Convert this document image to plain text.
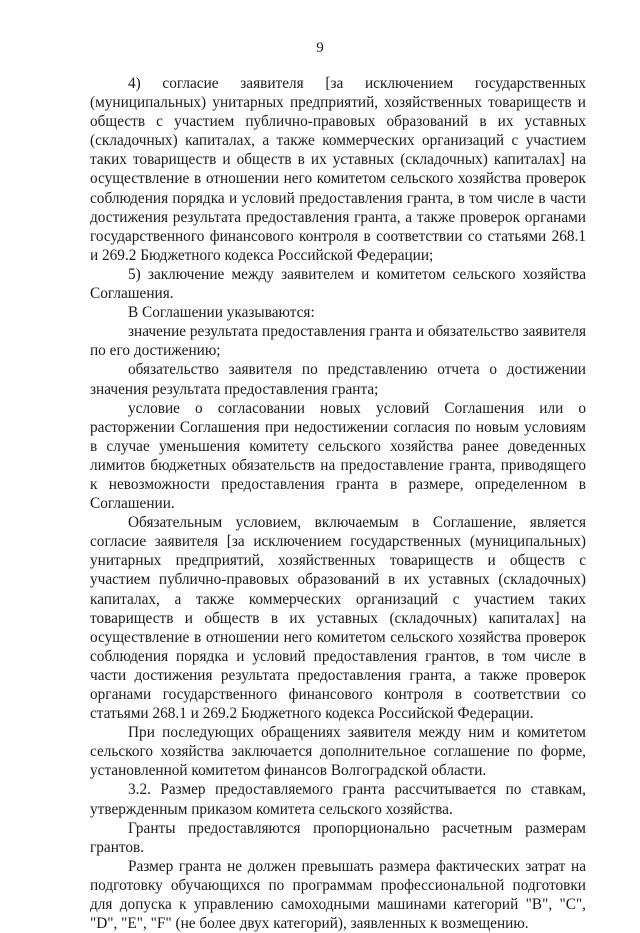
9

4) согласие заявителя [за исключением государственных (муниципальных) унитарных предприятий, хозяйственных товариществ и обществ с участием публично-правовых образований в их уставных (складочных) капиталах, а также коммерческих организаций с участием таких товариществ и обществ в их уставных (складочных) капиталах] на осуществление в отношении него комитетом сельского хозяйства проверок соблюдения порядка и условий предоставления гранта, в том числе в части достижения результата предоставления гранта, а также проверок органами государственного финансового контроля в соответствии со статьями 268.1 и 269.2 Бюджетного кодекса Российской Федерации;

5) заключение между заявителем и комитетом сельского хозяйства Соглашения.

В Соглашении указываются:

значение результата предоставления гранта и обязательство заявителя по его достижению;

обязательство заявителя по представлению отчета о достижении значения результата предоставления гранта;

условие о согласовании новых условий Соглашения или о расторжении Соглашения при недостижении согласия по новым условиям в случае уменьшения комитету сельского хозяйства ранее доведенных лимитов бюджетных обязательств на предоставление гранта, приводящего к невозможности предоставления гранта в размере, определенном в Соглашении.

Обязательным условием, включаемым в Соглашение, является согласие заявителя [за исключением государственных (муниципальных) унитарных предприятий, хозяйственных товариществ и обществ с участием публично-правовых образований в их уставных (складочных) капиталах, а также коммерческих организаций с участием таких товариществ и обществ в их уставных (складочных) капиталах] на осуществление в отношении него комитетом сельского хозяйства проверок соблюдения порядка и условий предоставления грантов, в том числе в части достижения результата предоставления гранта, а также проверок органами государственного финансового контроля в соответствии со статьями 268.1 и 269.2 Бюджетного кодекса Российской Федерации.

При последующих обращениях заявителя между ним и комитетом сельского хозяйства заключается дополнительное соглашение по форме, установленной комитетом финансов Волгоградской области.

3.2. Размер предоставляемого гранта рассчитывается по ставкам, утвержденным приказом комитета сельского хозяйства.

Гранты предоставляются пропорционально расчетным размерам грантов.

Размер гранта не должен превышать размера фактических затрат на подготовку обучающихся по программам профессиональной подготовки для допуска к управлению самоходными машинами категорий "B", "C", "D", "E", "F" (не более двух категорий), заявленных к возмещению.
